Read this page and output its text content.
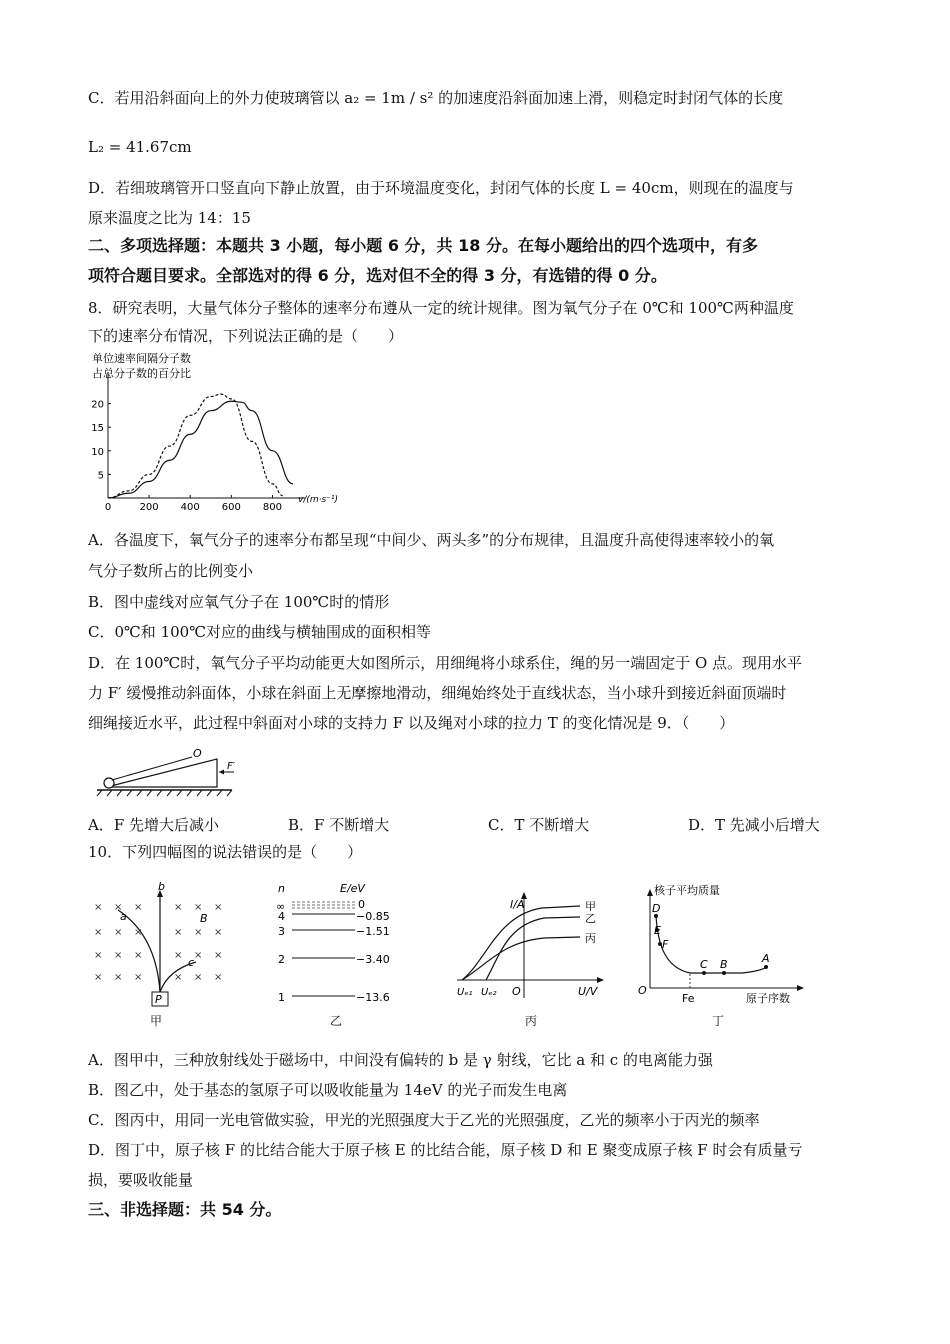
C．若用沿斜面向上的外力使玻璃管以 a₂ = 1m / s² 的加速度沿斜面加速上滑，则稳定时封闭气体的长度
L₂ = 41.67cm
D．若细玻璃管开口竖直向下静止放置，由于环境温度变化，封闭气体的长度 L = 40cm，则现在的温度与
原来温度之比为 14：15
二、多项选择题：本题共 3 小题，每小题 6 分，共 18 分。在每小题给出的四个选项中，有多
项符合题目要求。全部选对的得 6 分，选对但不全的得 3 分，有选错的得 0 分。
8．研究表明，大量气体分子整体的速率分布遵从一定的统计规律。图为氧气分子在 0℃和 100℃两种温度
下的速率分布情况，下列说法正确的是（　　）
单位速率间隔分子数
占总分子数的百分比
0	200 400 600 800
5
10
15
20
v/(m·s⁻¹)
A．各温度下，氧气分子的速率分布都呈现“中间少、两头多”的分布规律，且温度升高使得速率较小的氧
气分子数所占的比例变小
B．图中虚线对应氧气分子在 100℃时的情形
C．0℃和 100℃对应的曲线与横轴围成的面积相等
D．在 100℃时，氧气分子平均动能更大如图所示，用细绳将小球系住，绳的另一端固定于 O 点。现用水平
力 F′ 缓慢推动斜面体，小球在斜面上无摩擦地滑动，细绳始终处于直线状态，当小球升到接近斜面顶端时
细绳接近水平，此过程中斜面对小球的支持力 F 以及绳对小球的拉力 T 的变化情况是 9．（　　）
O
F′
A．F 先增大后减小	B．F 不断增大	C．T 不断增大	D．T 先减小后增大
10．下列四幅图的说法错误的是（　　）
× × ×	× × ×
× × ×	× × ×
× × ×	× × ×
× × ×	× × ×
b
a	B
c
P
甲
n	E/eV
∞	0
4	−0.85
3	−1.51
2	−3.40
1	−13.6
乙
I/A
U/V
O
Uₑ₁ Uₑ₂
甲
乙
丙
丙
核子平均质量
原子序数
O
Fe
D
E
F
C B	A
丁
A．图甲中，三种放射线处于磁场中，中间没有偏转的 b 是 γ 射线，它比 a 和 c 的电离能力强
B．图乙中，处于基态的氢原子可以吸收能量为 14eV 的光子而发生电离
C．图丙中，用同一光电管做实验，甲光的光照强度大于乙光的光照强度，乙光的频率小于丙光的频率
D．图丁中，原子核 F 的比结合能大于原子核 E 的比结合能，原子核 D 和 E 聚变成原子核 F 时会有质量亏
损，要吸收能量
三、非选择题：共 54 分。
